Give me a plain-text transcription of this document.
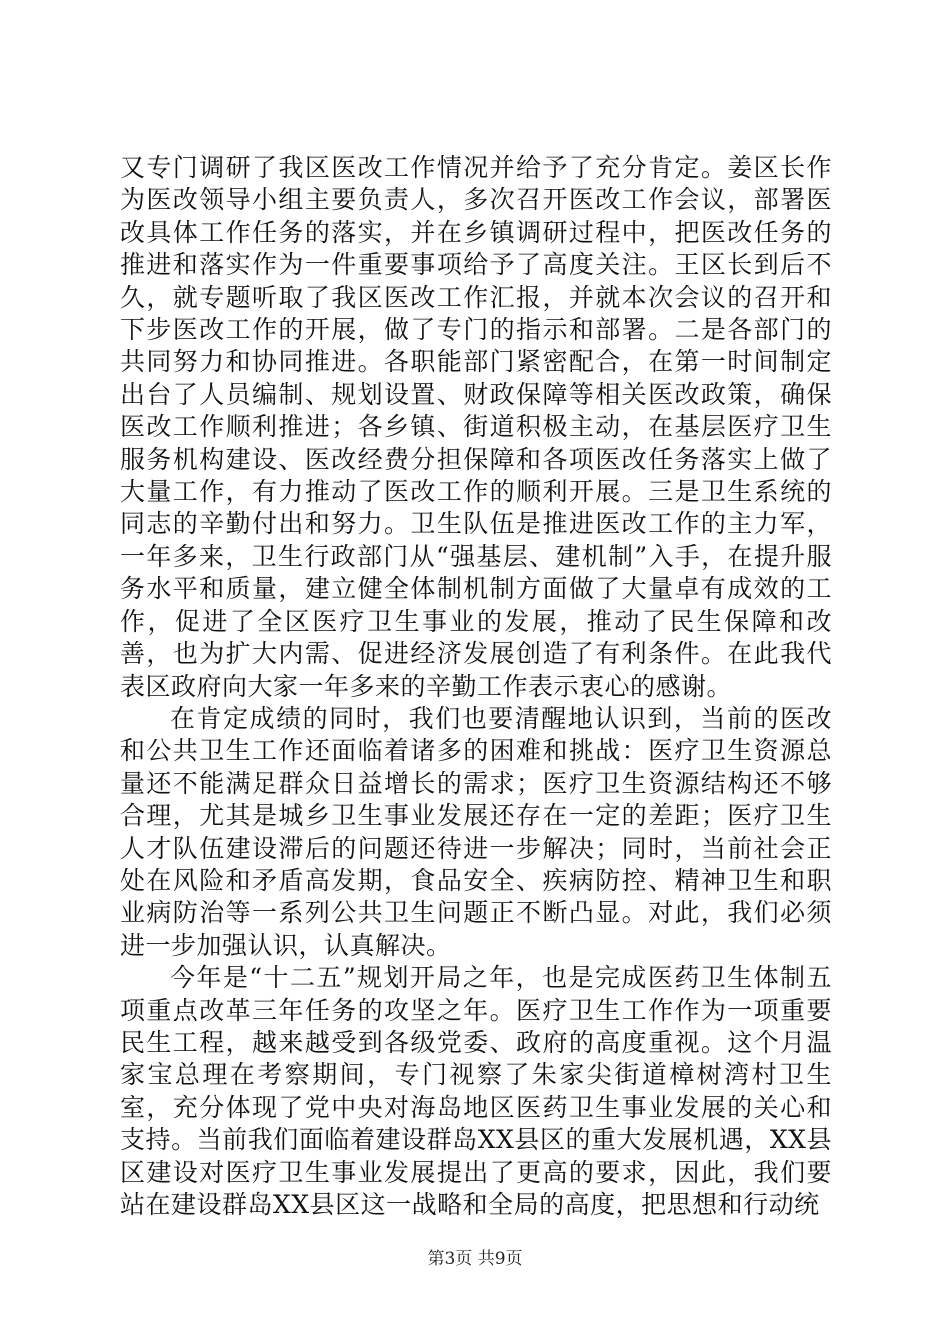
又专门调研了我区医改工作情况并给予了充分肯定。姜区长作为医改领导小组主要负责人，多次召开医改工作会议，部署医改具体工作任务的落实，并在乡镇调研过程中，把医改任务的推进和落实作为一件重要事项给予了高度关注。王区长到后不久，就专题听取了我区医改工作汇报，并就本次会议的召开和下步医改工作的开展，做了专门的指示和部署。二是各部门的共同努力和协同推进。各职能部门紧密配合，在第一时间制定出台了人员编制、规划设置、财政保障等相关医改政策，确保医改工作顺利推进；各乡镇、街道积极主动，在基层医疗卫生服务机构建设、医改经费分担保障和各项医改任务落实上做了大量工作，有力推动了医改工作的顺利开展。三是卫生系统的同志的辛勤付出和努力。卫生队伍是推进医改工作的主力军，一年多来，卫生行政部门从“强基层、建机制”入手，在提升服务水平和质量，建立健全体制机制方面做了大量卓有成效的工作，促进了全区医疗卫生事业的发展，推动了民生保障和改善，也为扩大内需、促进经济发展创造了有利条件。在此我代表区政府向大家一年多来的辛勤工作表示衷心的感谢。

在肯定成绩的同时，我们也要清醒地认识到，当前的医改和公共卫生工作还面临着诸多的困难和挑战：医疗卫生资源总量还不能满足群众日益增长的需求；医疗卫生资源结构还不够合理，尤其是城乡卫生事业发展还存在一定的差距；医疗卫生人才队伍建设滞后的问题还待进一步解决；同时，当前社会正处在风险和矛盾高发期，食品安全、疾病防控、精神卫生和职业病防治等一系列公共卫生问题正不断凸显。对此，我们必须进一步加强认识，认真解决。

今年是“十二五”规划开局之年，也是完成医药卫生体制五项重点改革三年任务的攻坚之年。医疗卫生工作作为一项重要民生工程，越来越受到各级党委、政府的高度重视。这个月温家宝总理在考察期间，专门视察了朱家尖街道樟树湾村卫生室，充分体现了党中央对海岛地区医药卫生事业发展的关心和支持。当前我们面临着建设群岛XX县区的重大发展机遇，XX县区建设对医疗卫生事业发展提出了更高的要求，因此，我们要站在建设群岛XX县区这一战略和全局的高度，把思想和行动统

第3页 共9页
